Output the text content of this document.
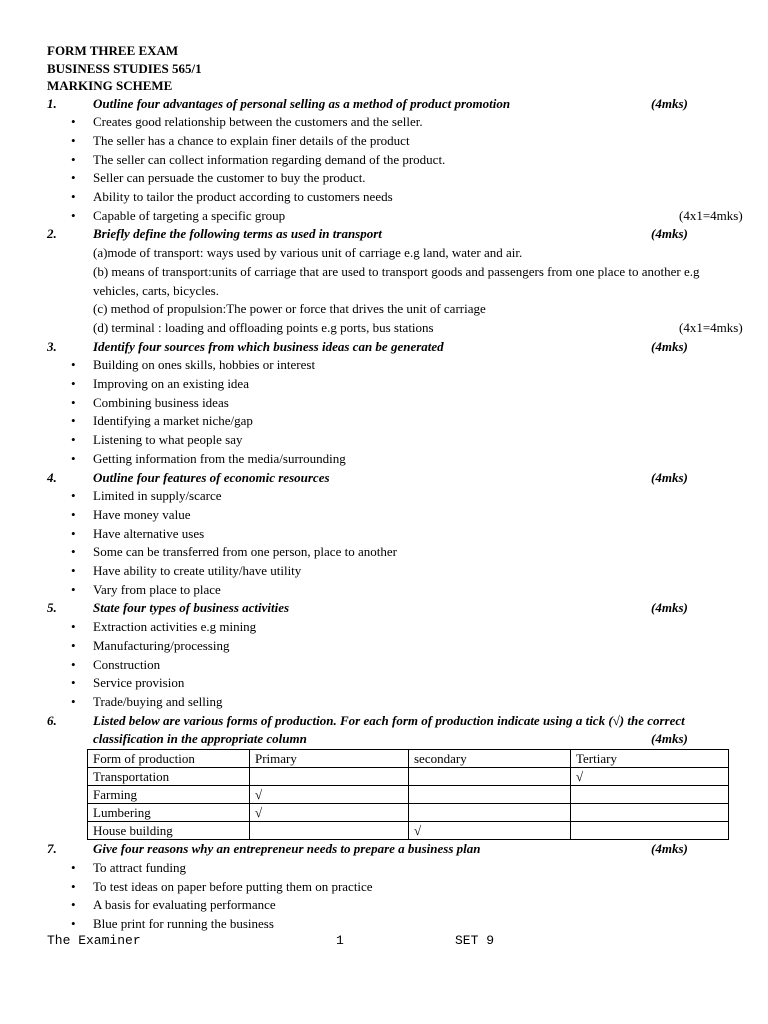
FORM THREE EXAM
BUSINESS STUDIES 565/1
MARKING SCHEME
1.	Outline four advantages of personal selling as a method of product promotion	(4mks)
• Creates good relationship between the customers and the seller.
• The seller has a chance to explain finer details of the product
• The seller can collect information regarding demand of the product.
• Seller can persuade the customer to buy the product.
• Ability to tailor the product according to customers needs
• Capable of targeting a specific group	(4x1=4mks)
2.	Briefly define the following terms as used in transport	(4mks)
(a)mode of transport: ways used by various unit of carriage e.g land, water and air.
(b) means of transport:units of carriage that are used to transport goods and passengers from one place to another e.g vehicles, carts, bicycles.
(c) method of propulsion:The power or force that drives the unit of carriage
(d) terminal : loading and offloading points e.g ports, bus stations	(4x1=4mks)
3.	Identify four sources from which business ideas can be generated	(4mks)
• Building on ones skills, hobbies or interest
• Improving on an existing idea
• Combining business ideas
• Identifying a market niche/gap
• Listening to what people say
• Getting information from the media/surrounding
4.	Outline four features of economic resources	(4mks)
• Limited in supply/scarce
• Have money value
• Have alternative uses
• Some can be transferred from one person, place to another
• Have ability to create utility/have utility
• Vary from place to place
5.	State four types of business activities	(4mks)
• Extraction activities e.g mining
• Manufacturing/processing
• Construction
• Service provision
• Trade/buying and selling
6.	Listed below are various forms of production. For each form of production indicate using a tick (√) the correct classification in the appropriate column	(4mks)
Form of production	Primary	secondary	Tertiary
Transportation			√
Farming	√		
Lumbering	√		
House building		√	
7.	Give four reasons why an entrepreneur needs to prepare a business plan	(4mks)
• To attract funding
• To test ideas on paper before putting them on practice
• A basis for evaluating performance
• Blue print for running the business
The Examiner	1	SET 9
